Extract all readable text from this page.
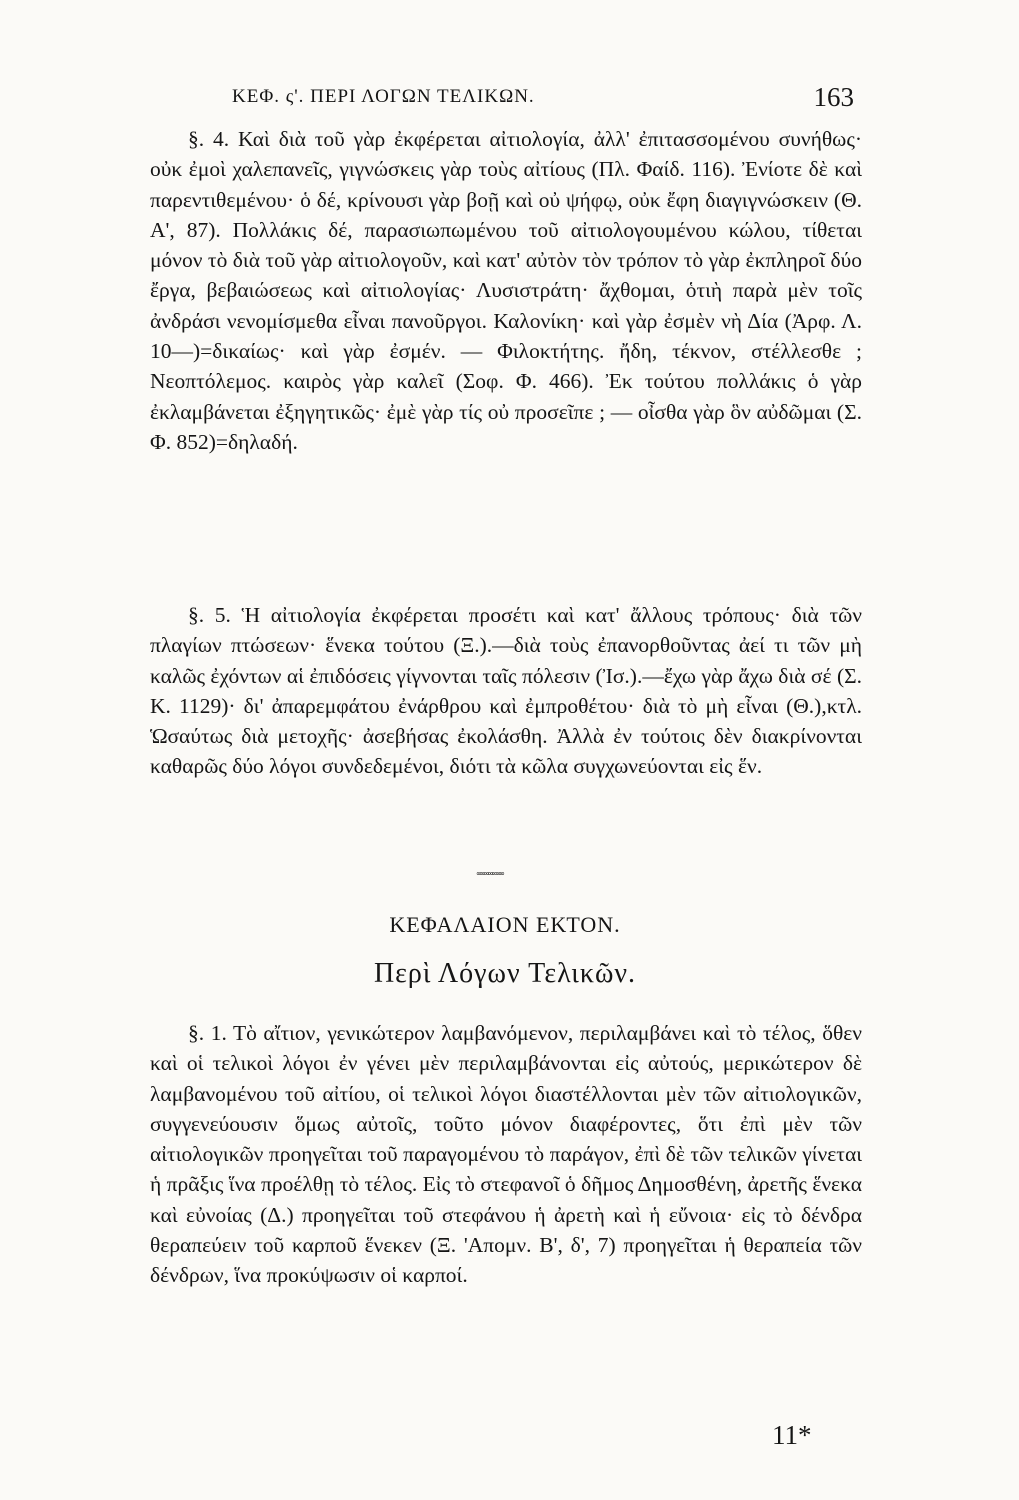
ΚΕΦ. ς'. ΠΕΡΙ ΛΟΓΩΝ ΤΕΛΙΚΩΝ.	163

§. 4. Καὶ διὰ τοῦ γὰρ ἐκφέρεται αἰτιολογία, ἀλλ' ἐπιτασσομένου συνήθως· οὐκ ἐμοὶ χαλεπανεῖς, γιγνώσκεις γὰρ τοὺς αἰτίους (Πλ. Φαίδ. 116). Ἐνίοτε δὲ καὶ παρεντιθεμένου· ὁ δέ, κρίνουσι γὰρ βοῇ καὶ οὐ ψήφῳ, οὐκ ἔφη διαγιγνώσκειν (Θ. Α', 87). Πολλάκις δέ, παρασιωπωμένου τοῦ αἰτιολογουμένου κώλου, τίθεται μόνον τὸ διὰ τοῦ γὰρ αἰτιολογοῦν, καὶ κατ' αὐτὸν τὸν τρόπον τὸ γὰρ ἐκπληροῖ δύο ἔργα, βεβαιώσεως καὶ αἰτιολογίας· Λυσιστράτη· ἄχθομαι, ὁτιὴ παρὰ μὲν τοῖς ἀνδράσι νενομίσμεθα εἶναι πανοῦργοι. Καλονίκη· καὶ γὰρ ἐσμὲν νὴ Δία (Ἀρφ. Λ. 10—)=δικαίως· καὶ γὰρ ἐσμέν. — Φιλοκτήτης. ἤδη, τέκνον, στέλλεσθε ; Νεοπτόλεμος. καιρὸς γὰρ καλεῖ (Σοφ. Φ. 466). Ἐκ τούτου πολλάκις ὁ γὰρ ἐκλαμβάνεται ἐξηγητικῶς· ἐμὲ γὰρ τίς οὐ προσεῖπε ; — οἶσθα γὰρ ὃν αὐδῶμαι (Σ. Φ. 852)=δηλαδή.

§. 5. Ἡ αἰτιολογία ἐκφέρεται προσέτι καὶ κατ' ἄλλους τρόπους· διὰ τῶν πλαγίων πτώσεων· ἕνεκα τούτου (Ξ.).—διὰ τοὺς ἐπανορθοῦντας ἀεί τι τῶν μὴ καλῶς ἐχόντων αἱ ἐπιδόσεις γίγνονται ταῖς πόλεσιν (Ἰσ.).—ἔχω γὰρ ἄχω διὰ σέ (Σ. Κ. 1129)· δι' ἀπαρεμφάτου ἐνάρθρου καὶ ἐμπροθέτου· διὰ τὸ μὴ εἶναι (Θ.),κτλ. Ὡσαύτως διὰ μετοχῆς· ἀσεβήσας ἐκολάσθη. Ἀλλὰ ἐν τούτοις δὲν διακρίνονται καθαρῶς δύο λόγοι συνδεδεμένοι, διότι τὰ κῶλα συγχωνεύονται εἰς ἕν.

∞∞∞∞∞∞∞
ΚΕΦΑΛΑΙΟΝ ΕΚΤΟΝ.
Περὶ Λόγων Τελικῶν.

§. 1. Τὸ αἴτιον, γενικώτερον λαμβανόμενον, περιλαμβάνει καὶ τὸ τέλος, ὅθεν καὶ οἱ τελικοὶ λόγοι ἐν γένει μὲν περιλαμβάνονται εἰς αὐτούς, μερικώτερον δὲ λαμβανομένου τοῦ αἰτίου, οἱ τελικοὶ λόγοι διαστέλλονται μὲν τῶν αἰτιολογικῶν, συγγενεύουσιν ὅμως αὐτοῖς, τοῦτο μόνον διαφέροντες, ὅτι ἐπὶ μὲν τῶν αἰτιολογικῶν προηγεῖται τοῦ παραγομένου τὸ παράγον, ἐπὶ δὲ τῶν τελικῶν γίνεται ἡ πρᾶξις ἵνα προέλθῃ τὸ τέλος. Εἰς τὸ στεφανοῖ ὁ δῆμος Δημοσθένη, ἀρετῆς ἕνεκα καὶ εὐνοίας (Δ.) προηγεῖται τοῦ στεφάνου ἡ ἀρετὴ καὶ ἡ εὔνοια· εἰς τὸ δένδρα θεραπεύειν τοῦ καρποῦ ἕνεκεν (Ξ. 'Απομν. Β', δ', 7) προηγεῖται ἡ θεραπεία τῶν δένδρων, ἵνα προκύψωσιν οἱ καρποί.

11*
